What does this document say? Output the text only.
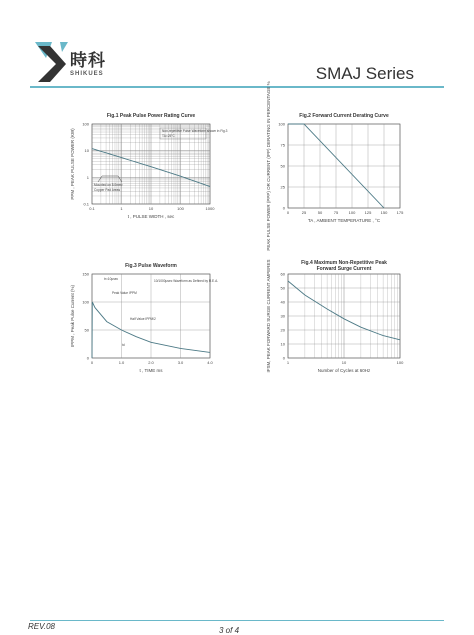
時科
SHIKUES	SMAJ Series
Fig.1 Peak Pulse Power Rating Curve
0.1	1	10	100	1000
100
10
1
0.1
t , PULSE WIDTH , sec
PPM , PEAK PULSE POWER (KW)	Non-repetitive Pulse Waveform shown in Fig.3
TA=25°C
Mounted on 5.0mm²
Copper Pad Areas
Fig.2 Forward Current Derating Curve
0	25	50	75	100 125 150 175
100
75
50
25
0
TA , AMBIENT TEMPERATURE , °C
PEAK PULSE POWER (PPP) OR CURRENT (IPP) DERATING IN PERCENTAGE %
Fig.3 Pulse Waveform
0	1.0	2.0	3.0	4.0
150
100
50
0
t , TIME ms
IPPM , Peak Pulse Current (%)
tr=10μsec
Peak Value IPPM
Half Value IPPM/2
10/1000μsec Waveform as Defined by R.E.A.
td
Fig.4 Maximum Non-Repetitive Peak
Forward Surge Current
1	10	100
60
50
40
30
20
10
0
Number of Cycles at 60Hz
IFSM, PEAK FORWARD SURGE CURRENT AMPERES
REV.08	3 of 4
